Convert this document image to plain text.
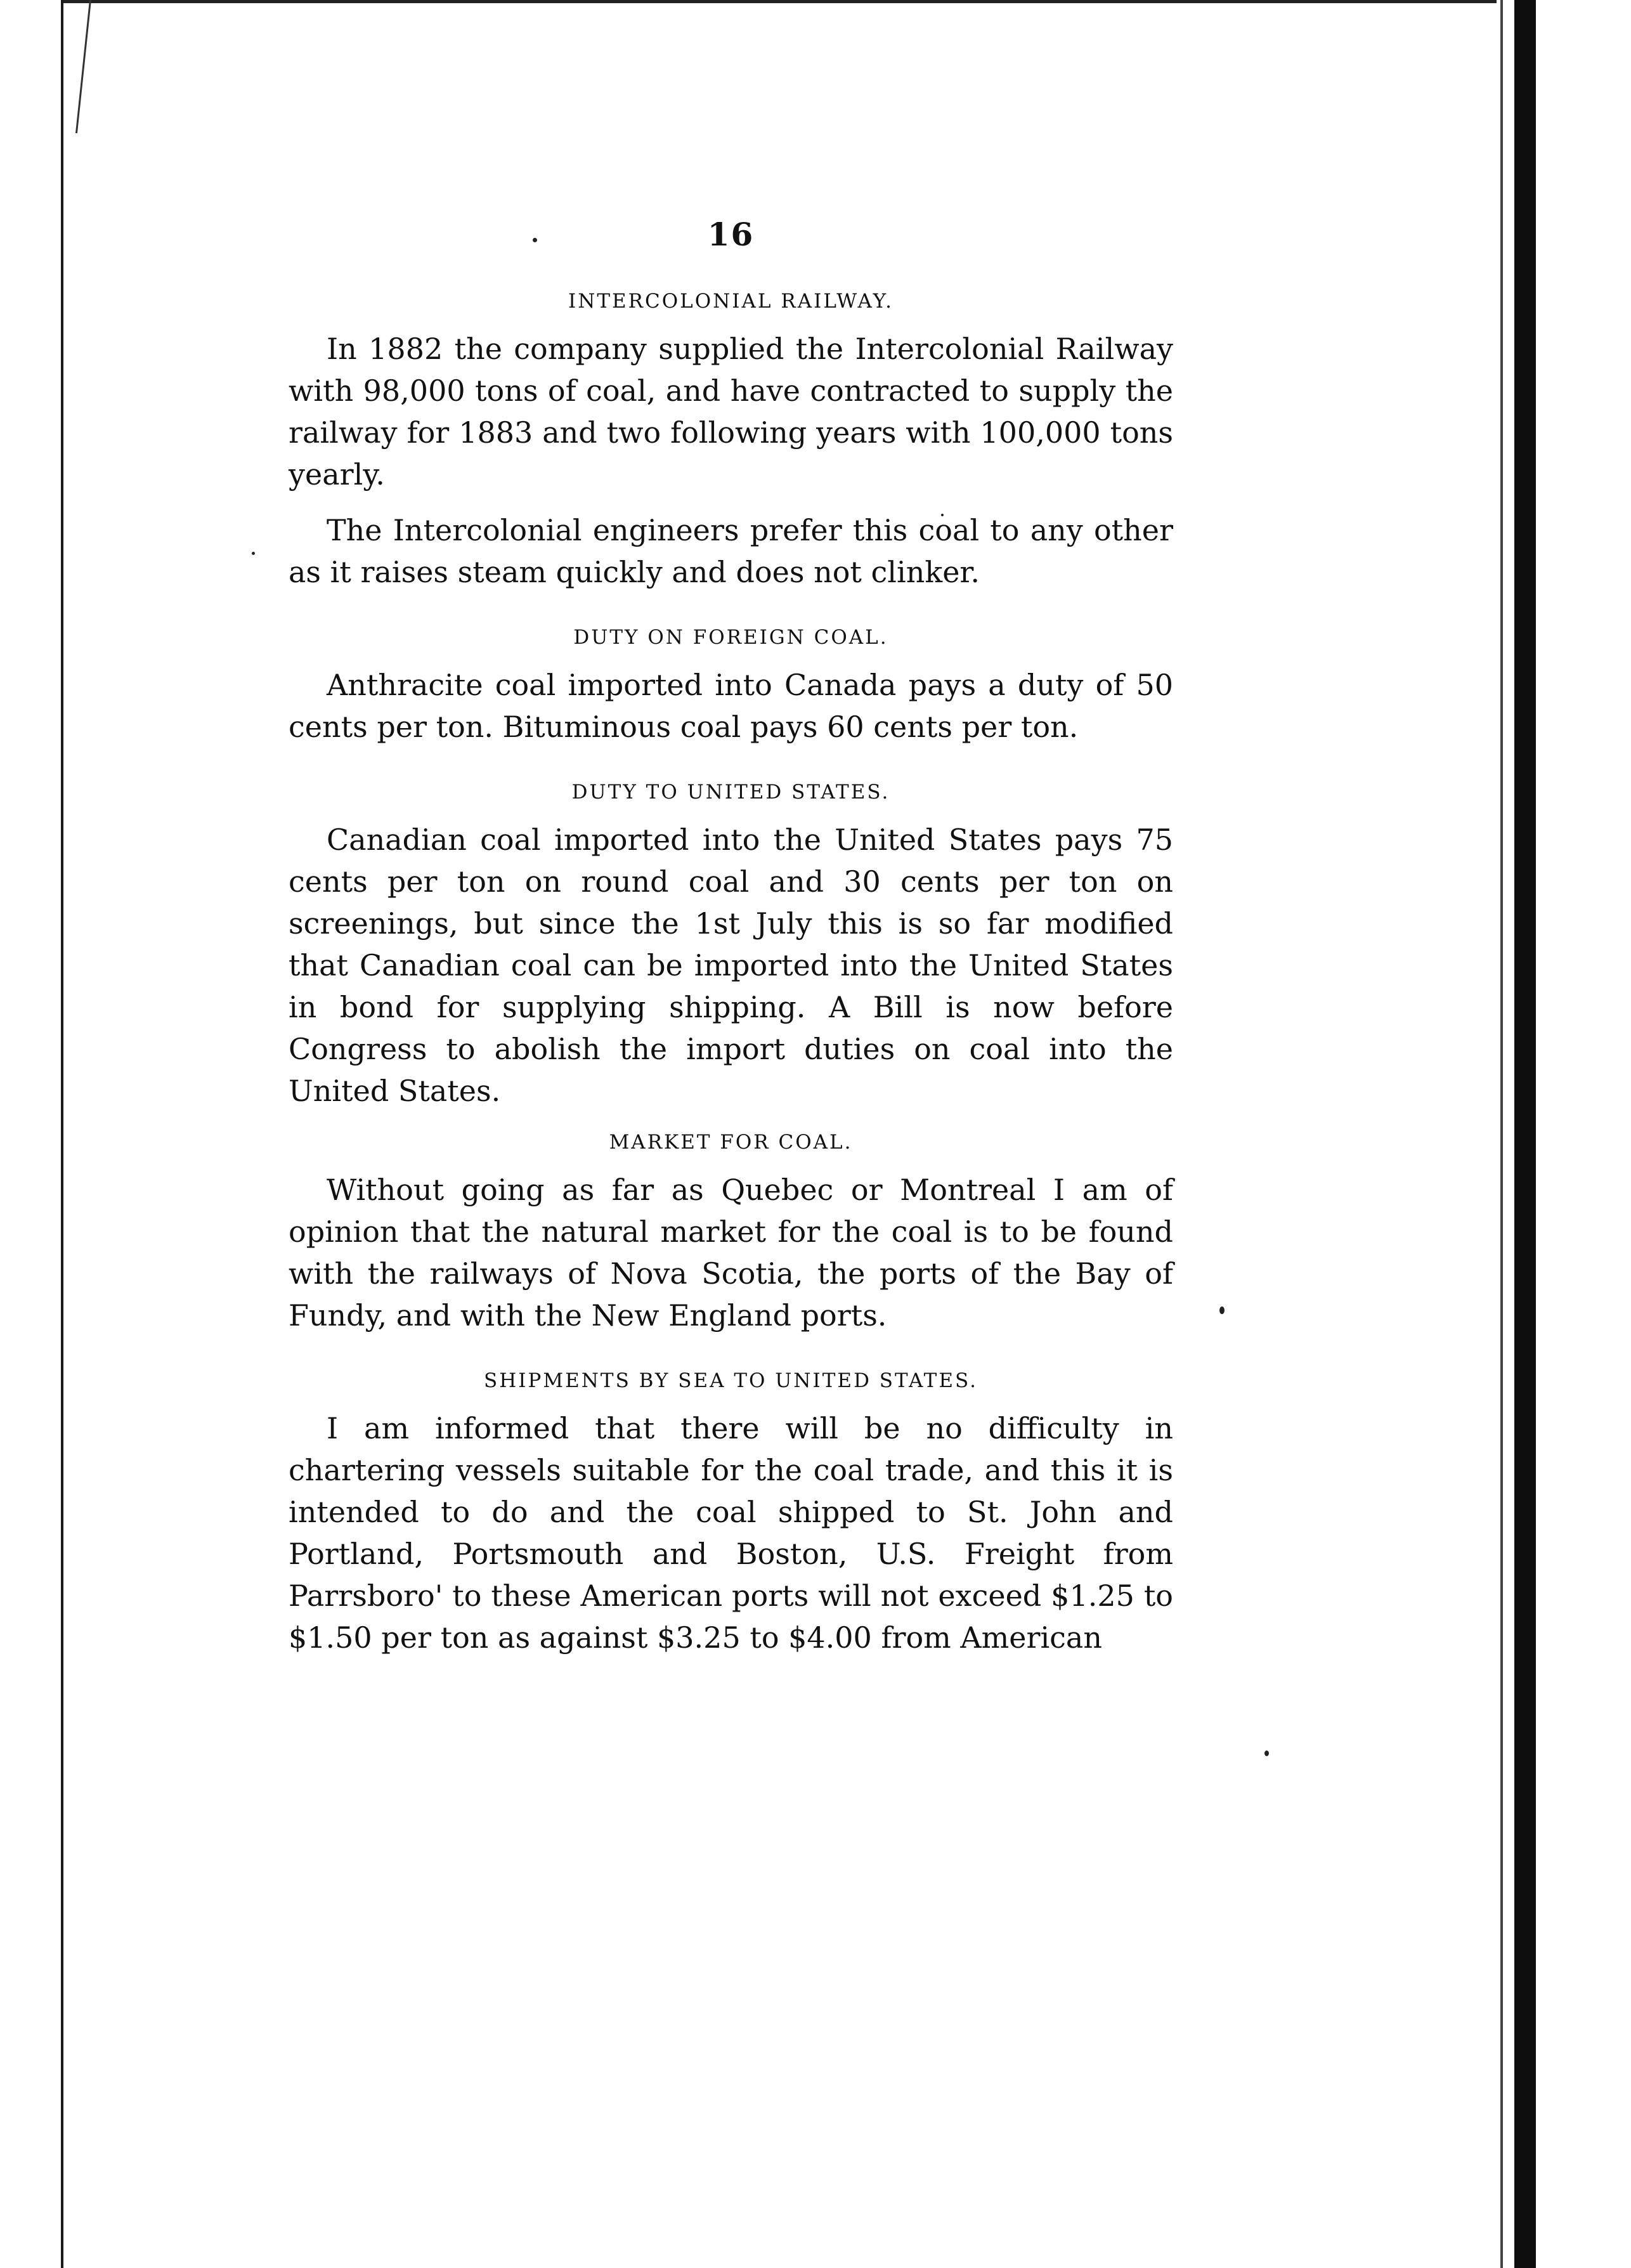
16
INTERCOLONIAL RAILWAY.

In 1882 the company supplied the Intercolonial Railway with 98,000 tons of coal, and have contracted to supply the railway for 1883 and two following years with 100,000 tons yearly.

The Intercolonial engineers prefer this coal to any other as it raises steam quickly and does not clinker.

DUTY ON FOREIGN COAL.

Anthracite coal imported into Canada pays a duty of 50 cents per ton. Bituminous coal pays 60 cents per ton.

DUTY TO UNITED STATES.

Canadian coal imported into the United States pays 75 cents per ton on round coal and 30 cents per ton on screenings, but since the 1st July this is so far modified that Canadian coal can be imported into the United States in bond for supplying shipping. A Bill is now before Congress to abolish the import duties on coal into the United States.

MARKET FOR COAL.

Without going as far as Quebec or Montreal I am of opinion that the natural market for the coal is to be found with the railways of Nova Scotia, the ports of the Bay of Fundy, and with the New England ports.

SHIPMENTS BY SEA TO UNITED STATES.

I am informed that there will be no difficulty in chartering vessels suitable for the coal trade, and this it is intended to do and the coal shipped to St. John and Portland, Portsmouth and Boston, U.S. Freight from Parrsboro' to these American ports will not exceed $1.25 to $1.50 per ton as against $3.25 to $4.00 from American
